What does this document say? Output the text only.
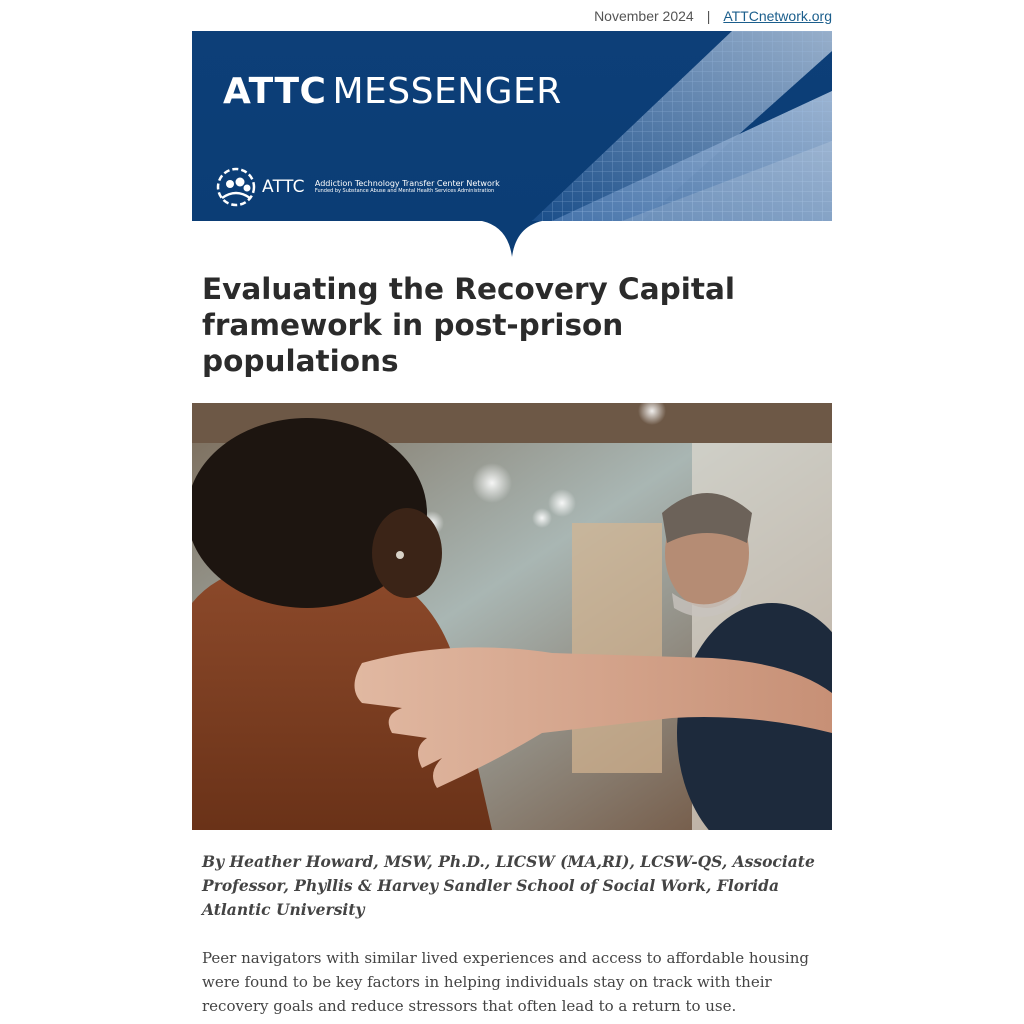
November 2024 | ATTCnetwork.org
ATTC MESSENGER
ATTC Addiction Technology Transfer Center Network
Funded by Substance Abuse and Mental Health Services Administration
Evaluating the Recovery Capital framework in post-prison populations
By Heather Howard, MSW, Ph.D., LICSW (MA,RI), LCSW-QS, Associate Professor, Phyllis & Harvey Sandler School of Social Work, Florida Atlantic University
Peer navigators with similar lived experiences and access to affordable housing were found to be key factors in helping individuals stay on track with their recovery goals and reduce stressors that often lead to a return to use.
